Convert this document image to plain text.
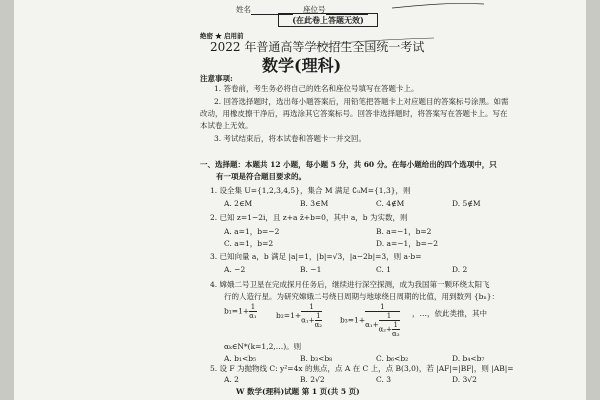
姓名	座位号
(在此卷上答题无效)
绝密 ★ 启用前
2022 年普通高等学校招生全国统一考试
数学(理科)
注意事项:
1. 答卷前，考生务必将自己的姓名和座位号填写在答题卡上。
2. 回答选择题时，选出每小题答案后，用铅笔把答题卡上对应题目的答案标号涂黑。如需
改动，用橡皮擦干净后，再选涂其它答案标号。回答非选择题时，将答案写在答题卡上。写在
本试卷上无效。
3. 考试结束后，将本试卷和答题卡一并交回。
一、选择题：本题共 12 小题，每小题 5 分，共 60 分。在每小题给出的四个选项中，只
有一项是符合题目要求的。
1. 设全集 U={1,2,3,4,5}，集合 M 满足 ∁ᵤM={1,3}，则
A. 2∈M	B. 3∈M	C. 4∉M	D. 5∉M
2. 已知 z=1−2i，且 z+a z̄+b=0，其中 a，b 为实数，则
A. a=1，b=−2	B. a=−1，b=2
C. a=1，b=2	D. a=−1，b=−2
3. 已知向量 a，b 满足 |a|=1，|b|=√3，|a−2b|=3，则 a·b=
A. −2	B. −1	C. 1	D. 2
4. 嫦娥二号卫星在完成探月任务后，继续进行深空探测，成为我国第一颗环绕太阳飞
行的人造行星。为研究嫦娥二号绕日周期与地球绕日周期的比值，用到数列 {bₙ}：
$b_1=1+ \frac{1}{\text{α₁}}$	$b_2=1+ \frac{1}{\alpha_1+ \frac{1}{\text{α₂}}} b_3=1+ \frac{1}{\alpha_1+ \frac{1}{\alpha_2+ \frac{1}{\text{α₃}}}}$ ，…，依此类推，其中
αₖ∈N*(k=1,2,…)。则
A. b₁<b₅	B. b₃<b₈	C. b₆<b₂	D. b₄<b₇
5. 设 F 为抛物线 C: y²=4x 的焦点，点 A 在 C 上，点 B(3,0)，若 |AF|=|BF|，则 |AB|=
A. 2	B. 2√2	C. 3	D. 3√2
W 数学(理科)试题 第 1 页(共 5 页)
